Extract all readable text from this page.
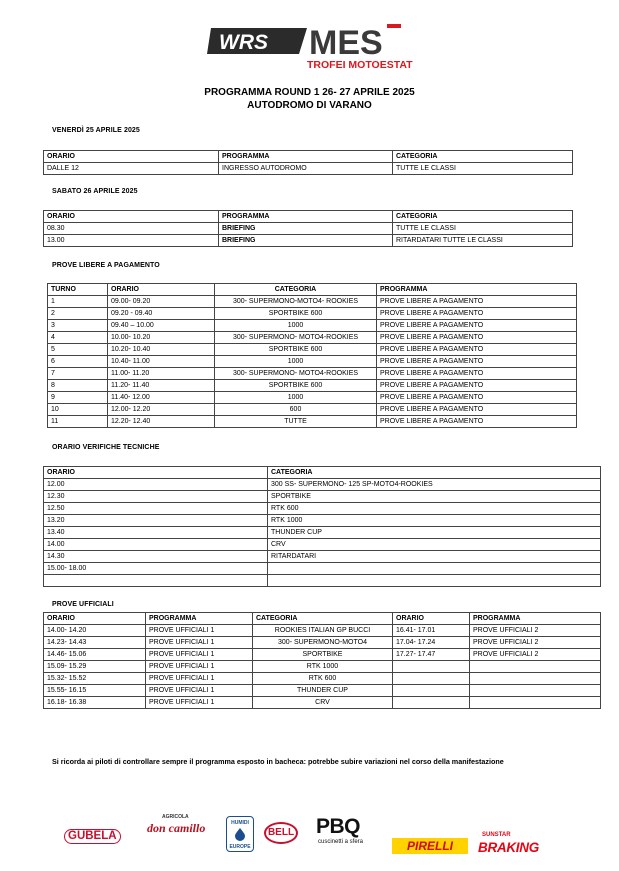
WRS MES
TROFEI MOTOESTATE
PROGRAMMA ROUND 1 26- 27 APRILE 2025
AUTODROMO DI VARANO
VENERDÌ 25 APRILE 2025
ORARIO	PROGRAMMA	CATEGORIA
DALLE 12	INGRESSO AUTODROMO	TUTTE LE CLASSI
SABATO 26 APRILE 2025
ORARIO	PROGRAMMA	CATEGORIA
08.30	BRIEFING	TUTTE LE CLASSI
13.00	BRIEFING	RITARDATARI TUTTE LE CLASSI
PROVE LIBERE A PAGAMENTO
TURNO	ORARIO	CATEGORIA	PROGRAMMA
1	09.00- 09.20	300- SUPERMONO-MOTO4- ROOKIES	PROVE LIBERE A PAGAMENTO
2	09.20 - 09.40	SPORTBIKE 600	PROVE LIBERE A PAGAMENTO
3	09.40 – 10.00	1000	PROVE LIBERE A PAGAMENTO
4	10.00- 10.20	300- SUPERMONO- MOTO4-ROOKIES	PROVE LIBERE A PAGAMENTO
5	10.20- 10.40	SPORTBIKE 600	PROVE LIBERE A PAGAMENTO
6	10.40- 11.00	1000	PROVE LIBERE A PAGAMENTO
7	11.00- 11.20	300- SUPERMONO- MOTO4-ROOKIES	PROVE LIBERE A PAGAMENTO
8	11.20- 11.40	SPORTBIKE 600	PROVE LIBERE A PAGAMENTO
9	11.40- 12.00	1000	PROVE LIBERE A PAGAMENTO
10	12.00- 12.20	600	PROVE LIBERE A PAGAMENTO
11	12.20- 12.40	TUTTE	PROVE LIBERE A PAGAMENTO
ORARIO VERIFICHE TECNICHE
ORARIO	CATEGORIA
12.00	300 SS- SUPERMONO- 125 SP-MOTO4-ROOKIES
12.30	SPORTBIKE
12.50	RTK 600
13.20	RTK 1000
13.40	THUNDER CUP
14.00	CRV
14.30	RITARDATARI
15.00- 18.00	

PROVE UFFICIALI
ORARIO	PROGRAMMA	CATEGORIA	ORARIO	PROGRAMMA
14.00- 14.20	PROVE UFFICIALI 1	ROOKIES ITALIAN GP BUCCI	16.41- 17.01	PROVE UFFICIALI 2
14.23- 14.43	PROVE UFFICIALI 1	300- SUPERMONO-MOTO4	17.04- 17.24	PROVE UFFICIALI 2
14.46- 15.06	PROVE UFFICIALI 1	SPORTBIKE	17.27- 17.47	PROVE UFFICIALI 2
15.09- 15.29	PROVE UFFICIALI 1	RTK 1000		
15.32- 15.52	PROVE UFFICIALI 1	RTK 600		
15.55- 16.15	PROVE UFFICIALI 1	THUNDER CUP		
16.18- 16.38	PROVE UFFICIALI 1	CRV		
Si ricorda ai piloti di controllare sempre il programma esposto in bacheca: potrebbe subire variazioni nel corso della manifestazione
GUBELA
AGRICOLA
don camillo	HUMIDI
EUROPE
BELL PBQ
cuscinetti a sfera	PIRELLI
SUNSTAR
BRAKING
